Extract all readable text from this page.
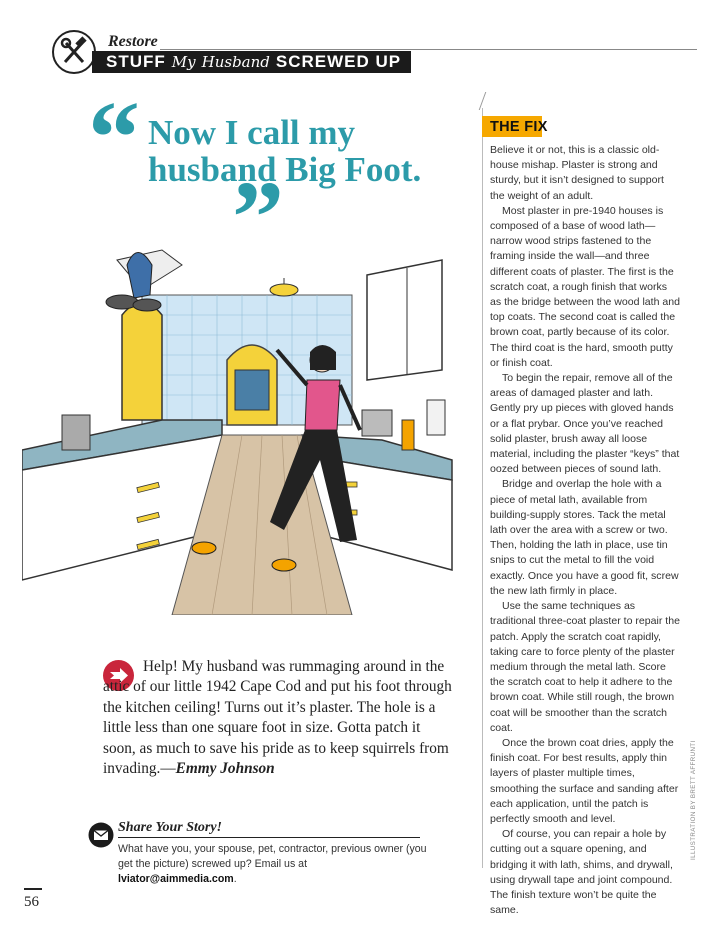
Restore
STUFF My Husband SCREWED UP
“ Now I call my husband Big Foot.
”
Help! My husband was rummaging around in the attic of our little 1942 Cape Cod and put his foot through the kitchen ceiling! Turns out it’s plaster. The hole is a little less than one square foot in size. Gotta patch it soon, as much to save his pride as to keep squirrels from invading.—Emmy Johnson
Share Your Story!
What have you, your spouse, pet, contractor, previous owner (you get the picture) screwed up? Email us at lviator@aimmedia.com.
56
THE FIX

Believe it or not, this is a classic old-house mishap. Plaster is strong and sturdy, but it isn’t designed to support the weight of an adult.

Most plaster in pre-1940 houses is composed of a base of wood lath—narrow wood strips fastened to the framing inside the wall—and three different coats of plaster. The first is the scratch coat, a rough finish that works as the bridge between the wood lath and top coats. The second coat is called the brown coat, partly because of its color. The third coat is the hard, smooth putty or finish coat.

To begin the repair, remove all of the areas of damaged plaster and lath. Gently pry up pieces with gloved hands or a flat prybar. Once you’ve reached solid plaster, brush away all loose material, including the plaster “keys” that oozed between pieces of sound lath.

Bridge and overlap the hole with a piece of metal lath, available from building-supply stores. Tack the metal lath over the area with a screw or two. Then, holding the lath in place, use tin snips to cut the metal to fill the void exactly. Once you have a good fit, screw the new lath firmly in place.

Use the same techniques as traditional three-coat plaster to repair the patch. Apply the scratch coat rapidly, taking care to force plenty of the plaster medium through the metal lath. Score the scratch coat to help it adhere to the brown coat. While still rough, the brown coat will be smoother than the scratch coat.

Once the brown coat dries, apply the finish coat. For best results, apply thin layers of plaster multiple times, smoothing the surface and sanding after each application, until the patch is perfectly smooth and level.

Of course, you can repair a hole by cutting out a square opening, and bridging it with lath, shims, and drywall, using drywall tape and joint compound. The finish texture won’t be quite the same.

ILLUSTRATION BY BRETT AFFRUNTI
